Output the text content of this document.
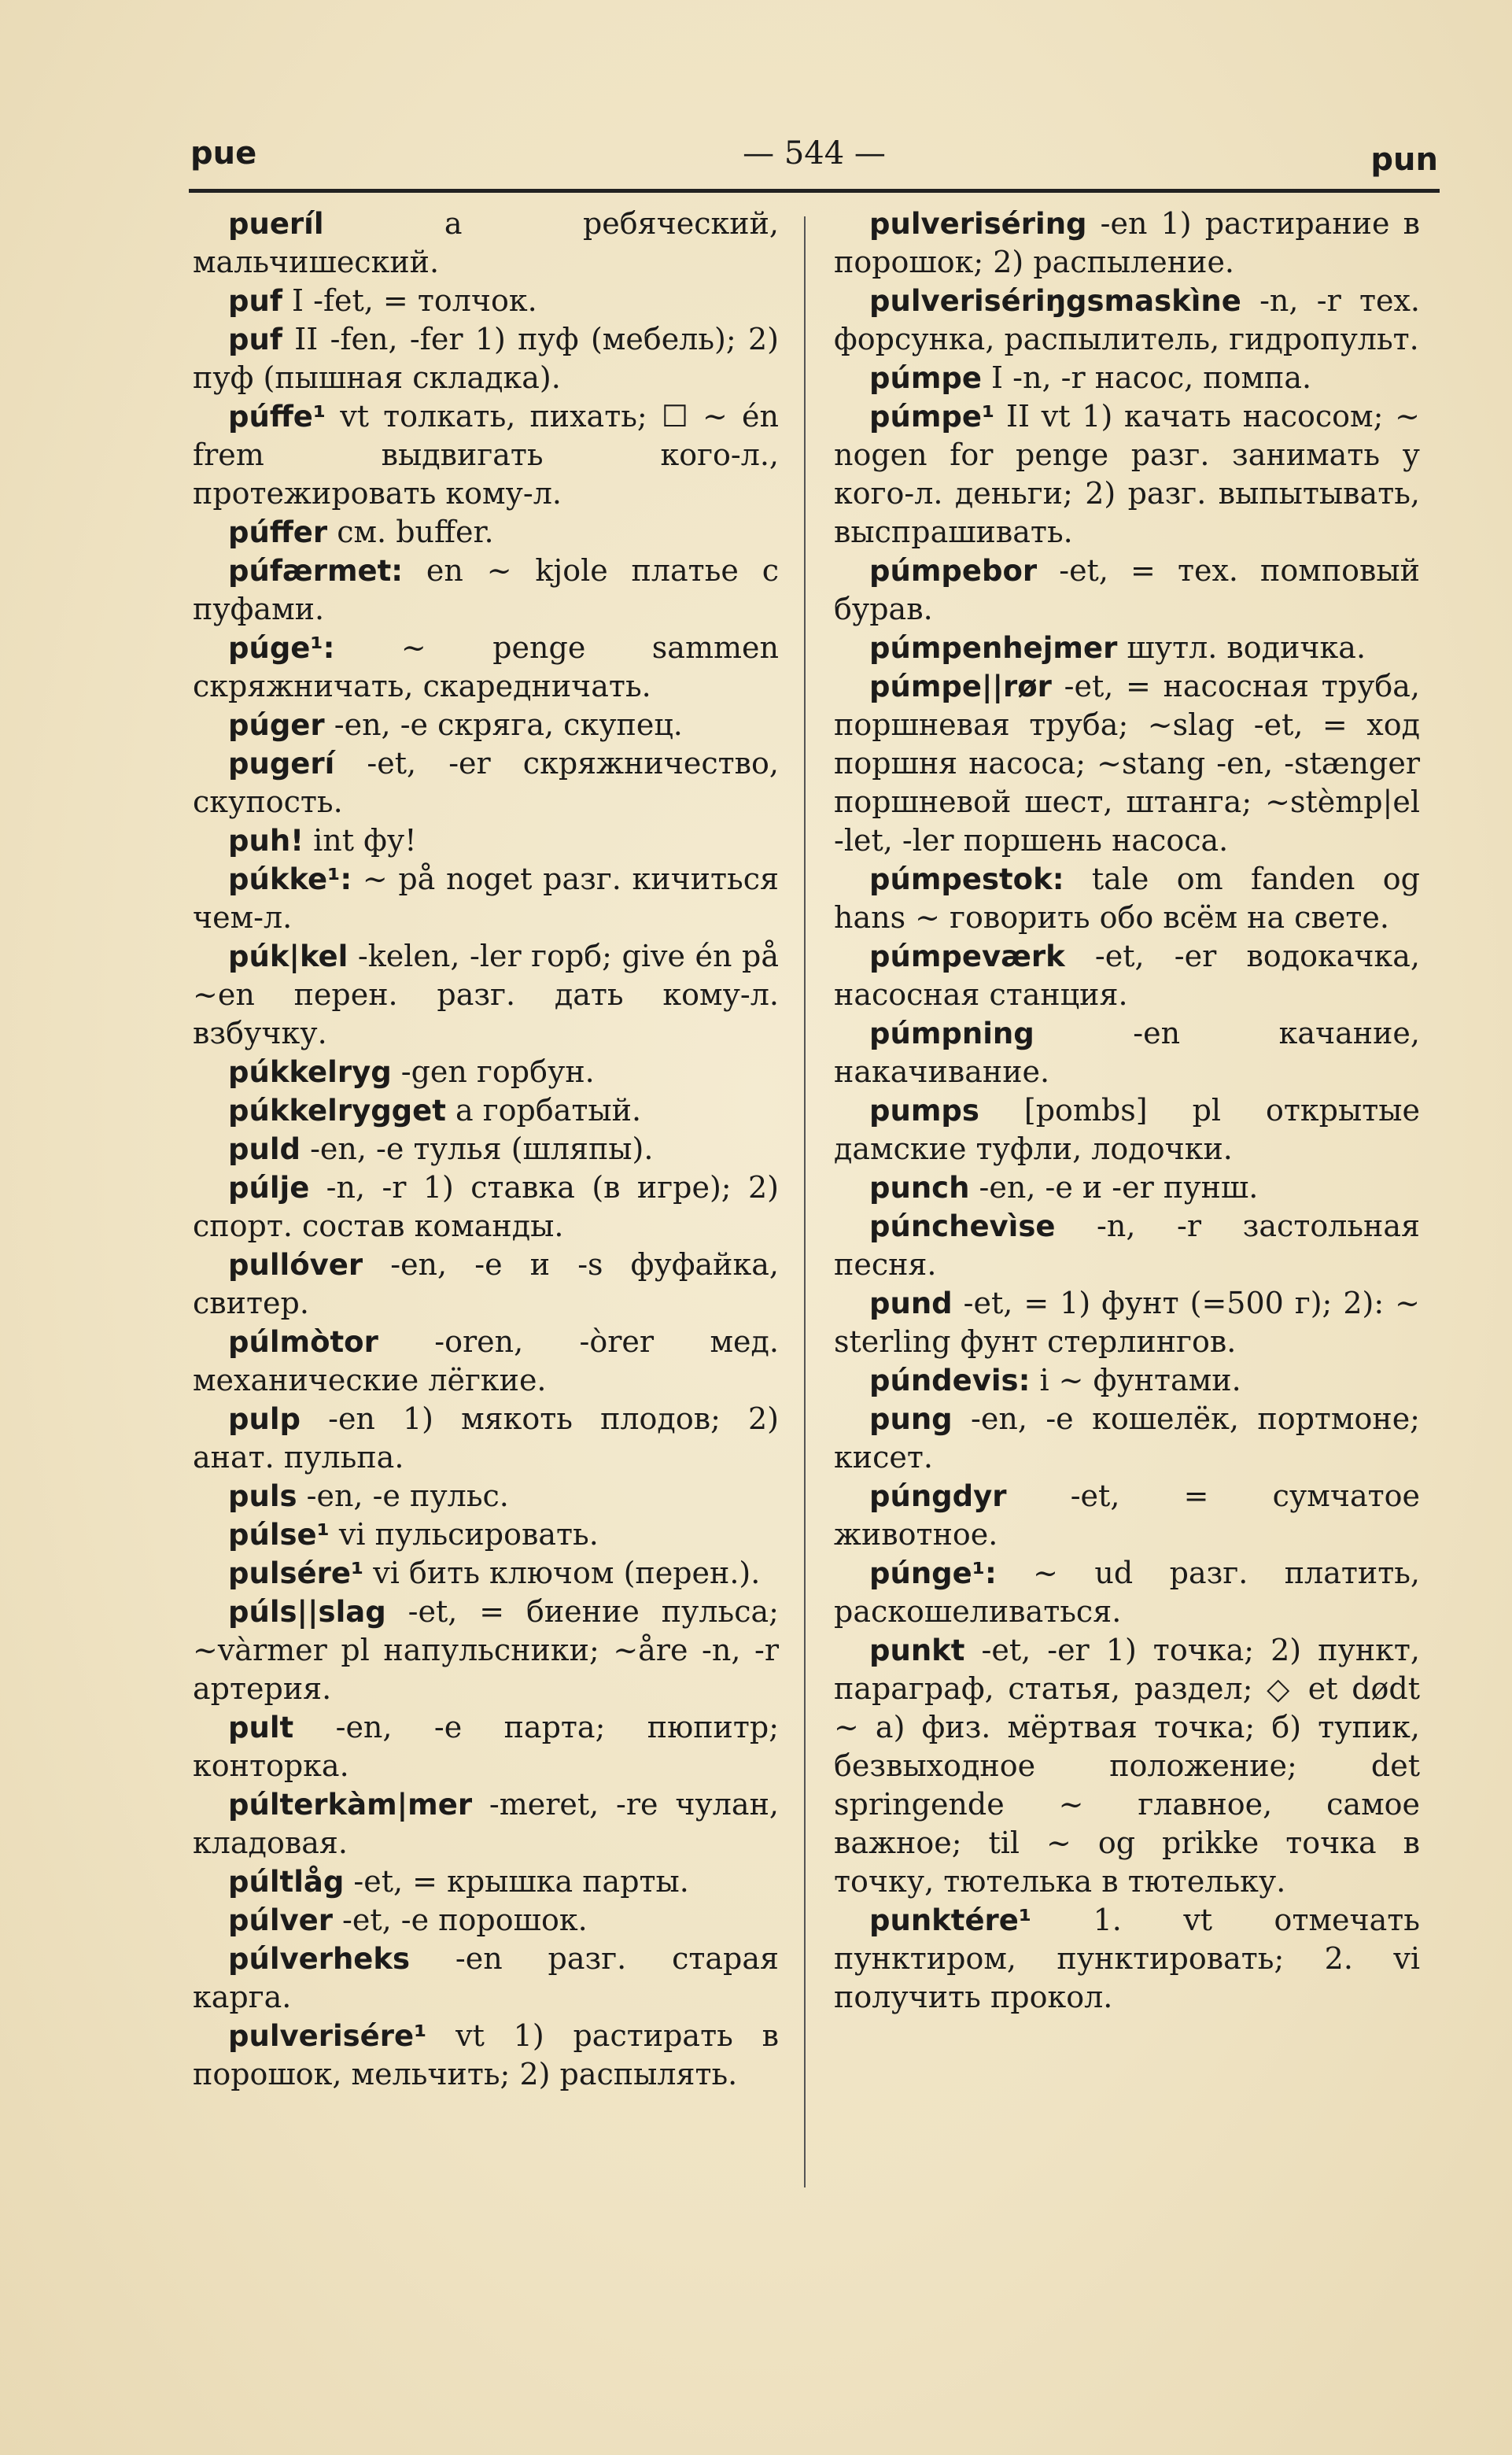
— 544 —
pue	pun

pueríl a ребяческий, мальчишеский.

puf I -fet, = толчок.

puf II -fen, -fer 1) пуф (мебель); 2) пуф (пышная складка).

púffe¹ vt толкать, пихать; ☐ ~ én frem выдвигать кого-л., протежировать кому-л.

púffer см. buffer.

púfærmet: en ~ kjole платье с пуфами.

púge¹: ~ penge sammen скряжничать, скаредничать.

púger -en, -e скряга, скупец.

pugerí -et, -er скряжничество, скупость.

puh! int фу!

púkke¹: ~ på noget разг. кичиться чем-л.

púk|kel -kelen, -ler горб; give én på ~en перен. разг. дать кому-л. взбучку.

púkkelryg -gen горбун.

púkkelrygget a горбатый.

puld -en, -e тулья (шляпы).

púlje -n, -r 1) ставка (в игре); 2) спорт. состав команды.

pullóver -en, -e и -s фуфайка, свитер.

púlmòtor -oren, -òrer мед. механические лёгкие.

pulp -en 1) мякоть плодов; 2) анат. пульпа.

puls -en, -e пульс.

púlse¹ vi пульсировать.

pulsére¹ vi бить ключом (перен.).

púls||slag -et, = биение пульса; ~vàrmer pl напульсники; ~åre -n, -r артерия.

pult -en, -e парта; пюпитр; конторка.

púlterkàm|mer -meret, -re чулан, кладовая.

púltlåg -et, = крышка парты.

púlver -et, -e порошок.

púlverheks -en разг. старая карга.

pulverisére¹ vt 1) растирать в порошок, мельчить; 2) распылять.

pulveriséring -en 1) растирание в порошок; 2) распыление.

pulverisériŋgsmaskìne -n, -r тех. форсунка, распылитель, гидропульт.

púmpe I -n, -r насос, помпа.

púmpe¹ II vt 1) качать насосом; ~ nogen for penge разг. занимать у кого-л. деньги; 2) разг. выпытывать, выспрашивать.

púmpebor -et, = тех. помповый бурав.

púmpenhejmer шутл. водичка.

púmpe||rør -et, = насосная труба, поршневая труба; ~slag -et, = ход поршня насоса; ~stang -en, -stænger поршневой шест, штанга; ~stèmp|el -let, -ler поршень насоса.

púmpestok: tale om fanden og hans ~ говорить обо всём на свете.

púmpeværk -et, -er водокачка, насосная станция.

púmpning -en качание, накачивание.

pumps [pombs] pl открытые дамские туфли, лодочки.

punch -en, -e и -er пунш.

púnchevìse -n, -r застольная песня.

pund -et, = 1) фунт (=500 г); 2): ~ sterling фунт стерлингов.

púndevis: i ~ фунтами.

pung -en, -e кошелёк, портмоне; кисет.

púngdyr -et, = сумчатое животное.

púnge¹: ~ ud разг. платить, раскошеливаться.

punkt -et, -er 1) точка; 2) пункт, параграф, статья, раздел; ◇ et dødt ~ а) физ. мёртвая точка; б) тупик, безвыходное положение; det springende ~ главное, самое важное; til ~ og prikke точка в точку, тютелька в тютельку.

punktére¹ 1. vt отмечать пунктиром, пунктировать; 2. vi получить прокол.
